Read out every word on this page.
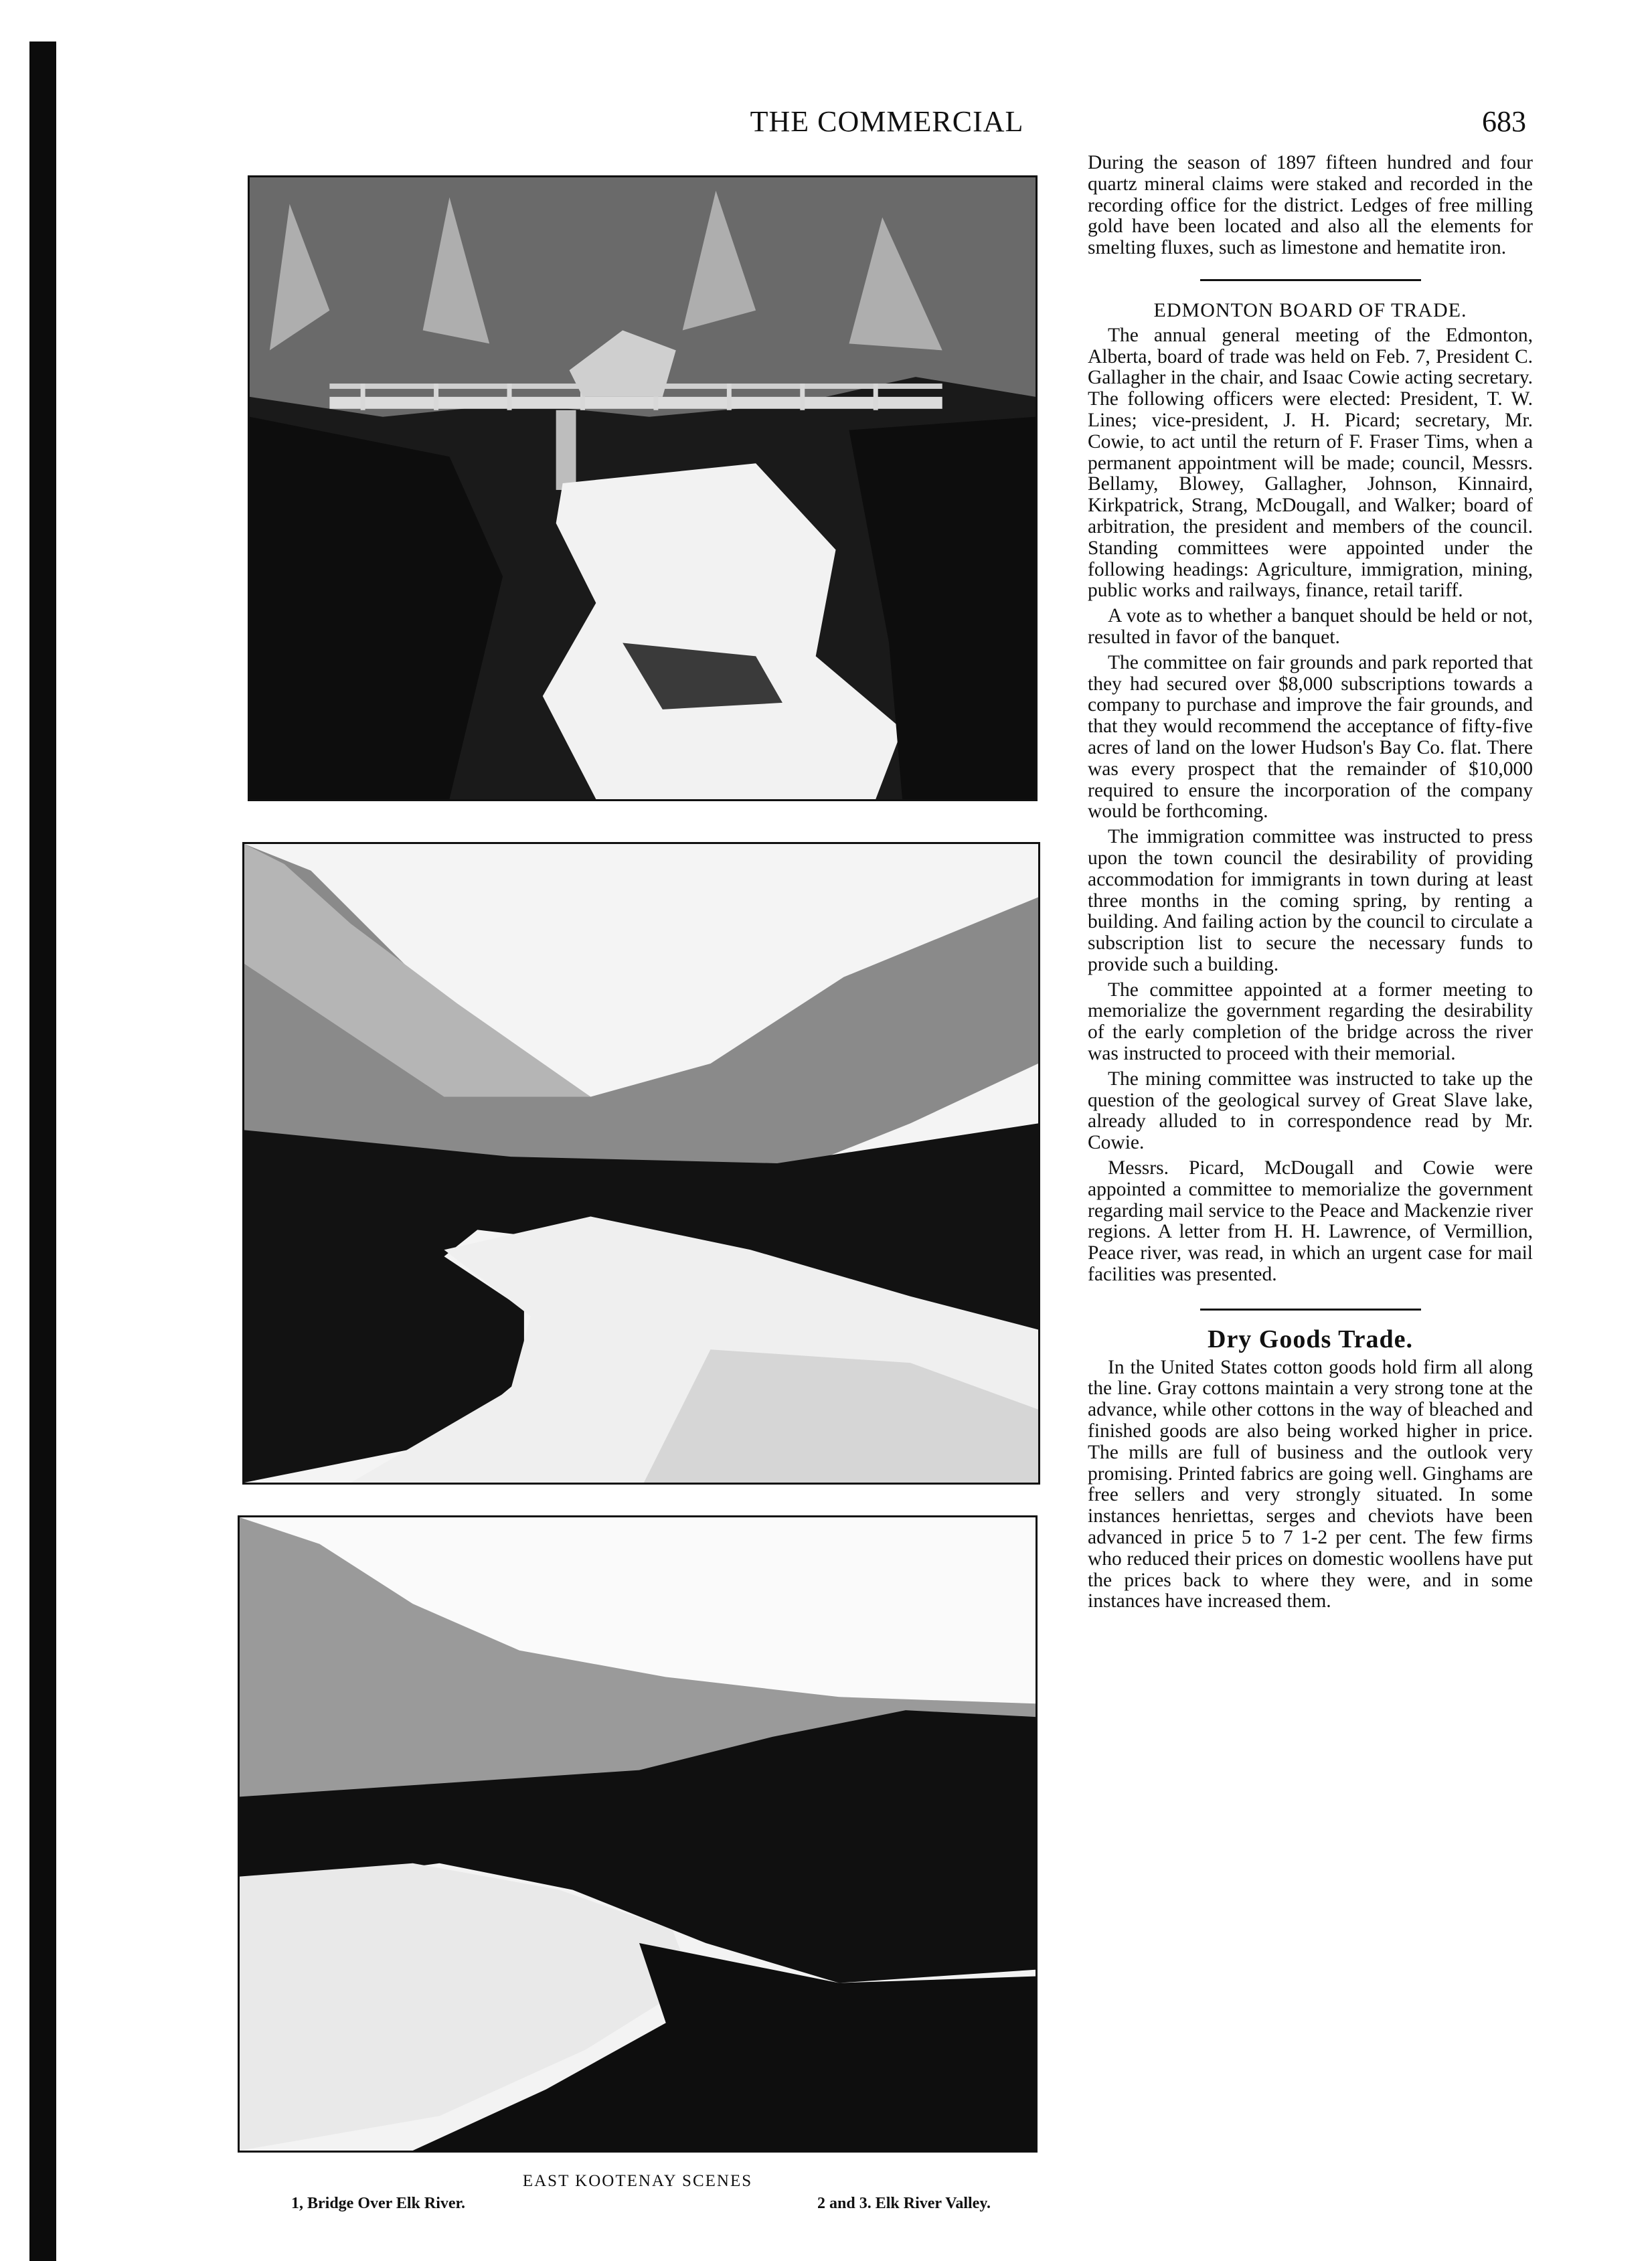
THE COMMERCIAL	683
EAST KOOTENAY SCENES
1, Bridge Over Elk River.	2 and 3. Elk River Valley.

During the season of 1897 fifteen hundred and four quartz mineral claims were staked and recorded in the recording office for the district. Ledges of free milling gold have been located and also all the elements for smelting fluxes, such as limestone and hematite iron.

EDMONTON BOARD OF TRADE.

The annual general meeting of the Edmonton, Alberta, board of trade was held on Feb. 7, President C. Gallagher in the chair, and Isaac Cowie acting secretary. The following officers were elected: President, T. W. Lines; vice-president, J. H. Picard; secretary, Mr. Cowie, to act until the return of F. Fraser Tims, when a permanent appointment will be made; council, Messrs. Bellamy, Blowey, Gallagher, Johnson, Kinnaird, Kirkpatrick, Strang, McDougall, and Walker; board of arbitration, the president and members of the council. Standing committees were appointed under the following headings: Agriculture, immigration, mining, public works and railways, finance, retail tariff.

A vote as to whether a banquet should be held or not, resulted in favor of the banquet.

The committee on fair grounds and park reported that they had secured over $8,000 subscriptions towards a company to purchase and improve the fair grounds, and that they would recommend the acceptance of fifty-five acres of land on the lower Hudson's Bay Co. flat. There was every prospect that the remainder of $10,000 required to ensure the incorporation of the company would be forthcoming.

The immigration committee was instructed to press upon the town council the desirability of providing accommodation for immigrants in town during at least three months in the coming spring, by renting a building. And failing action by the council to circulate a subscription list to secure the necessary funds to provide such a building.

The committee appointed at a former meeting to memorialize the government regarding the desirability of the early completion of the bridge across the river was instructed to proceed with their memorial.

The mining committee was instructed to take up the question of the geological survey of Great Slave lake, already alluded to in correspondence read by Mr. Cowie.

Messrs. Picard, McDougall and Cowie were appointed a committee to memorialize the government regarding mail service to the Peace and Mackenzie river regions. A letter from H. H. Lawrence, of Vermillion, Peace river, was read, in which an urgent case for mail facilities was presented.

Dry Goods Trade.

In the United States cotton goods hold firm all along the line. Gray cottons maintain a very strong tone at the advance, while other cottons in the way of bleached and finished goods are also being worked higher in price. The mills are full of business and the outlook very promising. Printed fabrics are going well. Ginghams are free sellers and very strongly situated. In some instances henriettas, serges and cheviots have been advanced in price 5 to 7 1-2 per cent. The few firms who reduced their prices on domestic woollens have put the prices back to where they were, and in some instances have increased them.
